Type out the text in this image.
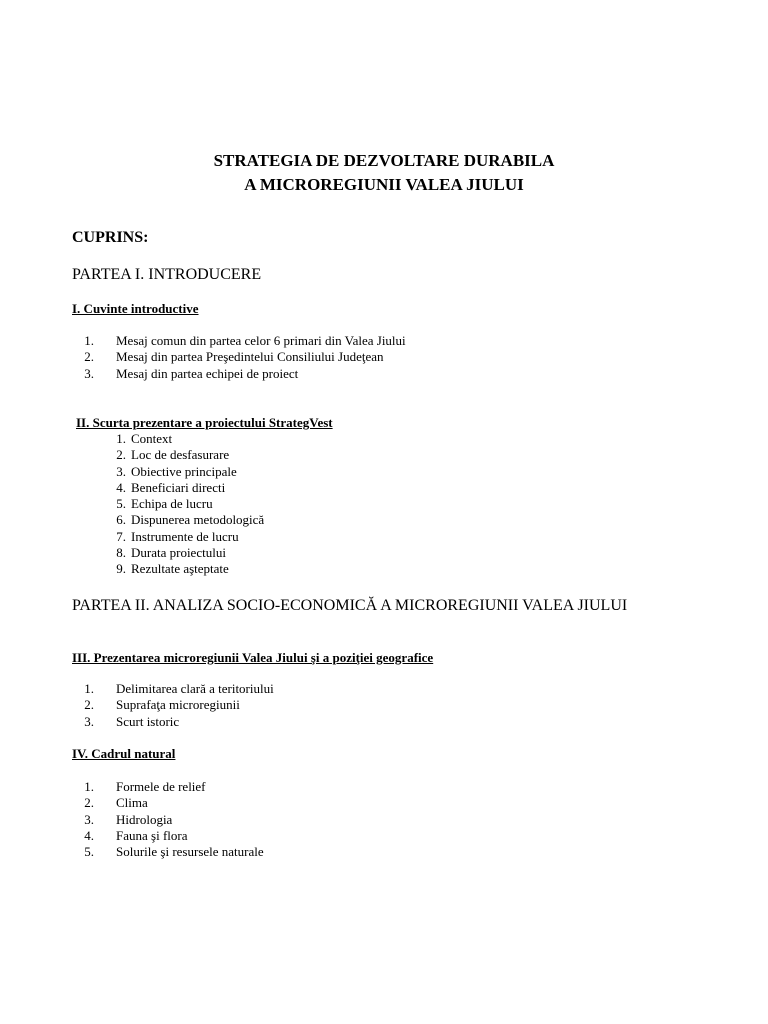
STRATEGIA DE DEZVOLTARE DURABILA

A MICROREGIUNII VALEA JIULUI

CUPRINS:

PARTEA I. INTRODUCERE

I. Cuvinte introductive

1. Mesaj comun din partea celor 6 primari din Valea Jiului
2. Mesaj din partea Preşedintelui Consiliului Judeţean
3. Mesaj din partea echipei de proiect

II. Scurta prezentare a proiectului StrategVest

1. Context
2. Loc de desfasurare
3. Obiective principale
4. Beneficiari directi
5. Echipa de lucru
6. Dispunerea metodologică
7. Instrumente de lucru
8. Durata proiectului
9. Rezultate aşteptate

PARTEA II. ANALIZA SOCIO-ECONOMICĂ A MICROREGIUNII VALEA JIULUI

III. Prezentarea microregiunii Valea Jiului şi a poziţiei geografice

1. Delimitarea clară a teritoriului
2. Suprafaţa microregiunii
3. Scurt istoric

IV. Cadrul natural

1. Formele de relief
2. Clima
3. Hidrologia
4. Fauna şi flora
5. Solurile şi resursele naturale
